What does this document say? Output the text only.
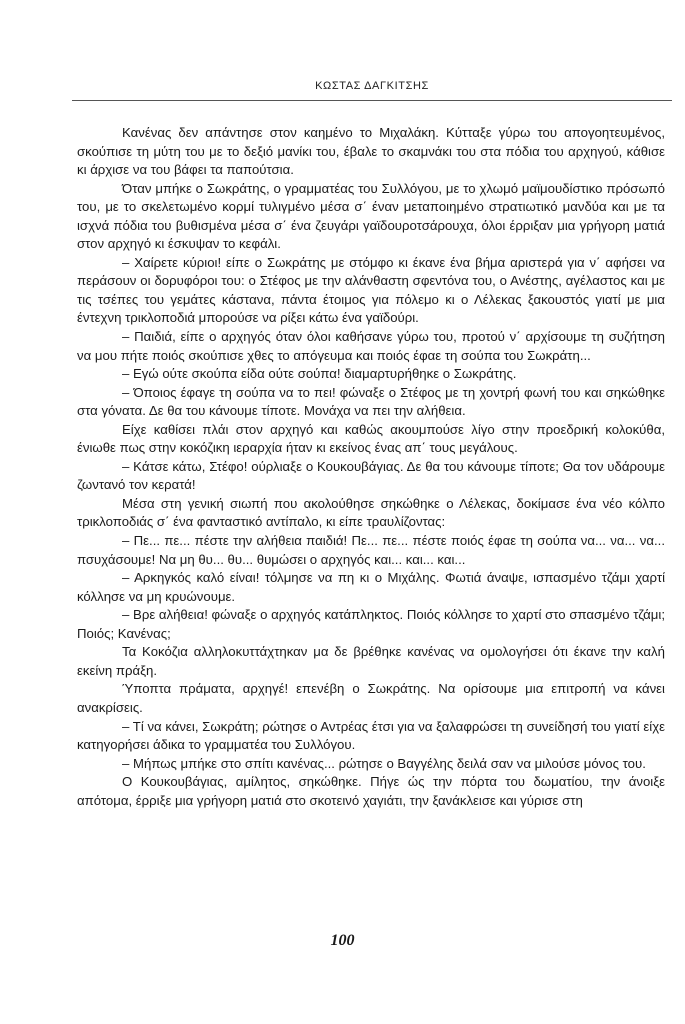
ΚΩΣΤΑΣ ΔΑΓΚΙΤΣΗΣ

Κανένας δεν απάντησε στον καημένο το Μιχαλάκη. Κύτταξε γύρω του απογοητευμένος, σκούπισε τη μύτη του με το δεξιό μανίκι του, έβαλε το σκαμνάκι του στα πόδια του αρχηγού, κάθισε κι άρχισε να του βάφει τα παπούτσια.

Όταν μπήκε ο Σωκράτης, ο γραμματέας του Συλλόγου, με το χλωμό μαϊμουδίστικο πρόσωπό του, με το σκελετωμένο κορμί τυλιγμένο μέσα σ΄ έναν μεταποιημένο στρατιωτικό μανδύα και με τα ισχνά πόδια του βυθισμένα μέσα σ΄ ένα ζευγάρι γαϊδουροτσάρουχα, όλοι έρριξαν μια γρήγορη ματιά στον αρχηγό κι έσκυψαν το κεφάλι.

– Χαίρετε κύριοι! είπε ο Σωκράτης με στόμφο κι έκανε ένα βήμα αριστερά για ν΄ αφήσει να περάσουν οι δορυφόροι του: ο Στέφος με την αλάνθαστη σφεντόνα του, ο Ανέστης, αγέλαστος και με τις τσέπες του γεμάτες κάστανα, πάντα έτοιμος για πόλεμο κι ο Λέλεκας ξακουστός γιατί με μια έντεχνη τρικλοποδιά μπορούσε να ρίξει κάτω ένα γαϊδούρι.

– Παιδιά, είπε ο αρχηγός όταν όλοι καθήσανε γύρω του, προτού ν΄ αρχίσουμε τη συζήτηση να μου πήτε ποιός σκούπισε χθες το απόγευμα και ποιός έφαε τη σούπα του Σωκράτη...

– Εγώ ούτε σκούπα είδα ούτε σούπα! διαμαρτυρήθηκε ο Σωκράτης.

– Όποιος έφαγε τη σούπα να το πει! φώναξε ο Στέφος με τη χοντρή φωνή του και σηκώθηκε στα γόνατα. Δε θα του κάνουμε τίποτε. Μονάχα να πει την αλήθεια.

Είχε καθίσει πλάι στον αρχηγό και καθώς ακουμπούσε λίγο στην προεδρική κολοκύθα, ένιωθε πως στην κοκόζικη ιεραρχία ήταν κι εκείνος ένας απ΄ τους μεγάλους.

– Κάτσε κάτω, Στέφο! ούρλιαξε ο Κουκουβάγιας. Δε θα του κάνουμε τίποτε; Θα τον υδάρουμε ζωντανό τον κερατά!

Μέσα στη γενική σιωπή που ακολούθησε σηκώθηκε ο Λέλεκας, δοκίμασε ένα νέο κόλπο τρικλοποδιάς σ΄ ένα φανταστικό αντίπαλο, κι είπε τραυλίζοντας:

– Πε... πε... πέστε την αλήθεια παιδιά! Πε... πε... πέστε ποιός έφαε τη σούπα να... να... να... πσυχάσουμε! Να μη θυ... θυ... θυμώσει ο αρχηγός και... και... και...

– Αρκηγκός καλό είναι! τόλμησε να πη κι ο Μιχάλης. Φωτιά άναψε, ισπασμένο τζάμι χαρτί κόλλησε να μη κρυώνουμε.

– Βρε αλήθεια! φώναξε ο αρχηγός κατάπληκτος. Ποιός κόλλησε το χαρτί στο σπασμένο τζάμι; Ποιός; Κανένας;

Τα Κοκόζια αλληλοκυττάχτηκαν μα δε βρέθηκε κανένας να ομολογήσει ότι έκανε την καλή εκείνη πράξη.

Ύποπτα πράματα, αρχηγέ! επενέβη ο Σωκράτης. Να ορίσουμε μια επιτροπή να κάνει ανακρίσεις.

– Τί να κάνει, Σωκράτη; ρώτησε ο Αντρέας έτσι για να ξαλαφρώσει τη συνείδησή του γιατί είχε κατηγορήσει άδικα το γραμματέα του Συλλόγου.

– Μήπως μπήκε στο σπίτι κανένας... ρώτησε ο Βαγγέλης δειλά σαν να μιλούσε μόνος του.

Ο Κουκουβάγιας, αμίλητος, σηκώθηκε. Πήγε ώς την πόρτα του δωματίου, την άνοιξε απότομα, έρριξε μια γρήγορη ματιά στο σκοτεινό χαγιάτι, την ξανάκλεισε και γύρισε στη

100
